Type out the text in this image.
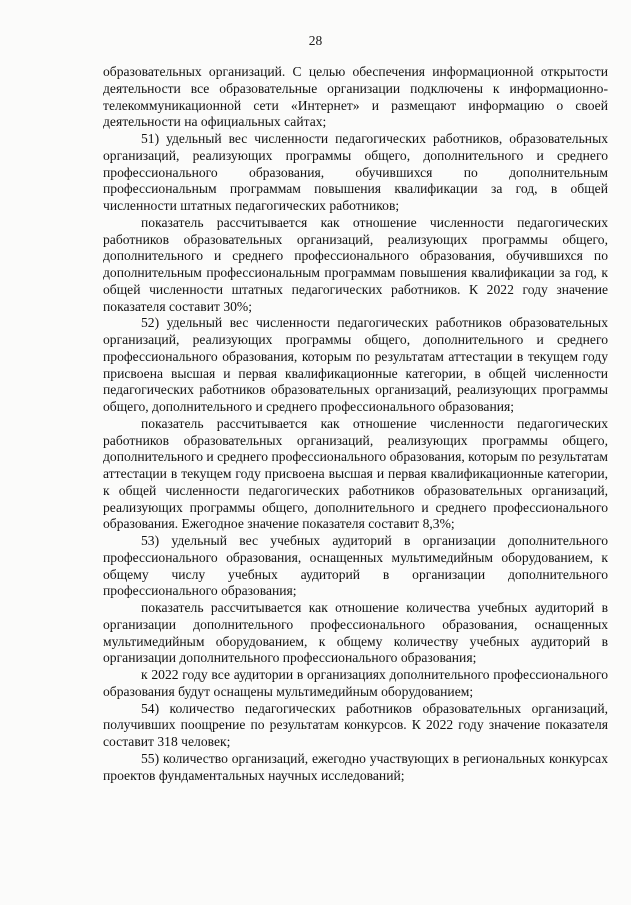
28

образовательных организаций. С целью обеспечения информационной открытости деятельности все образовательные организации подключены к информационно-телекоммуникационной сети «Интернет» и размещают информацию о своей деятельности на официальных сайтах;

51) удельный вес численности педагогических работников, образовательных организаций, реализующих программы общего, дополнительного и среднего профессионального образования, обучившихся по дополнительным профессиональным программам повышения квалификации за год, в общей численности штатных педагогических работников;

показатель рассчитывается как отношение численности педагогических работников образовательных организаций, реализующих программы общего, дополнительного и среднего профессионального образования, обучившихся по дополнительным профессиональным программам повышения квалификации за год, к общей численности штатных педагогических работников. К 2022 году значение показателя составит 30%;

52) удельный вес численности педагогических работников образовательных организаций, реализующих программы общего, дополнительного и среднего профессионального образования, которым по результатам аттестации в текущем году присвоена высшая и первая квалификационные категории, в общей численности педагогических работников образовательных организаций, реализующих программы общего, дополнительного и среднего профессионального образования;

показатель рассчитывается как отношение численности педагогических работников образовательных организаций, реализующих программы общего, дополнительного и среднего профессионального образования, которым по результатам аттестации в текущем году присвоена высшая и первая квалификационные категории, к общей численности педагогических работников образовательных организаций, реализующих программы общего, дополнительного и среднего профессионального образования. Ежегодное значение показателя составит 8,3%;

53) удельный вес учебных аудиторий в организации дополнительного профессионального образования, оснащенных мультимедийным оборудованием, к общему числу учебных аудиторий в организации дополнительного профессионального образования;

показатель рассчитывается как отношение количества учебных аудиторий в организации дополнительного профессионального образования, оснащенных мультимедийным оборудованием, к общему количеству учебных аудиторий в организации дополнительного профессионального образования;

к 2022 году все аудитории в организациях дополнительного профессионального образования будут оснащены мультимедийным оборудованием;

54) количество педагогических работников образовательных организаций, получивших поощрение по результатам конкурсов. К 2022 году значение показателя составит 318 человек;

55) количество организаций, ежегодно участвующих в региональных конкурсах проектов фундаментальных научных исследований;
